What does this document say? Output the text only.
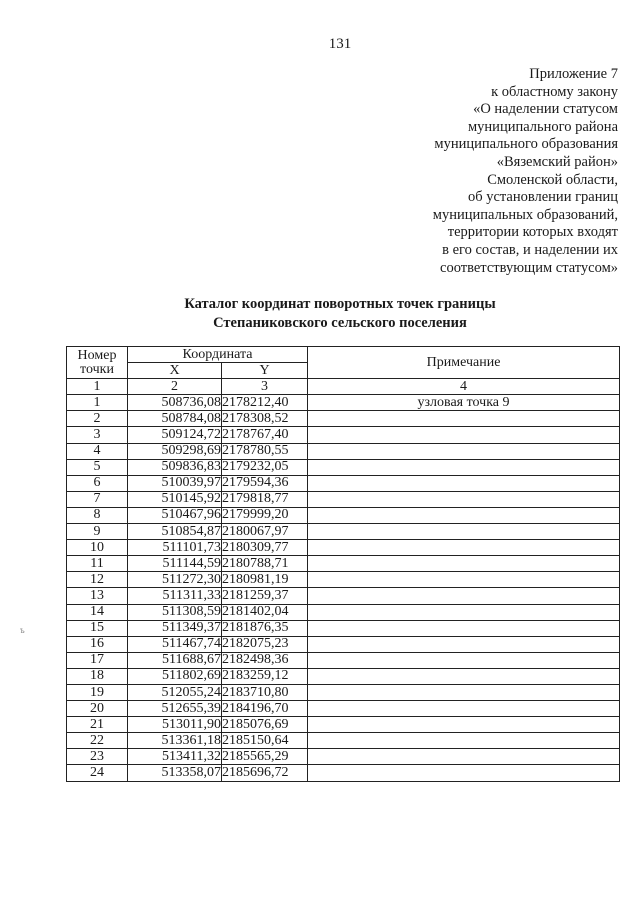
131
Приложение 7
к областному закону
«О наделении статусом
муниципального района
муниципального образования
«Вяземский район»
Смоленской области,
об установлении границ
муниципальных образований,
территории которых входят
в его состав, и наделении их
соответствующим статусом»
Каталог координат поворотных точек границы
Степаниковского сельского поселения
ъ
Номер
точки	Координата		Примечание
	X	Y	
1	2	3	4
1	508736,08	2178212,40	узловая точка 9
2	508784,08	2178308,52	
3	509124,72	2178767,40	
4	509298,69	2178780,55	
5	509836,83	2179232,05	
6	510039,97	2179594,36	
7	510145,92	2179818,77	
8	510467,96	2179999,20	
9	510854,87	2180067,97	
10	511101,73	2180309,77	
11	511144,59	2180788,71	
12	511272,30	2180981,19	
13	511311,33	2181259,37	
14	511308,59	2181402,04	
15	511349,37	2181876,35	
16	511467,74	2182075,23	
17	511688,67	2182498,36	
18	511802,69	2183259,12	
19	512055,24	2183710,80	
20	512655,39	2184196,70	
21	513011,90	2185076,69	
22	513361,18	2185150,64	
23	513411,32	2185565,29	
24	513358,07	2185696,72	
